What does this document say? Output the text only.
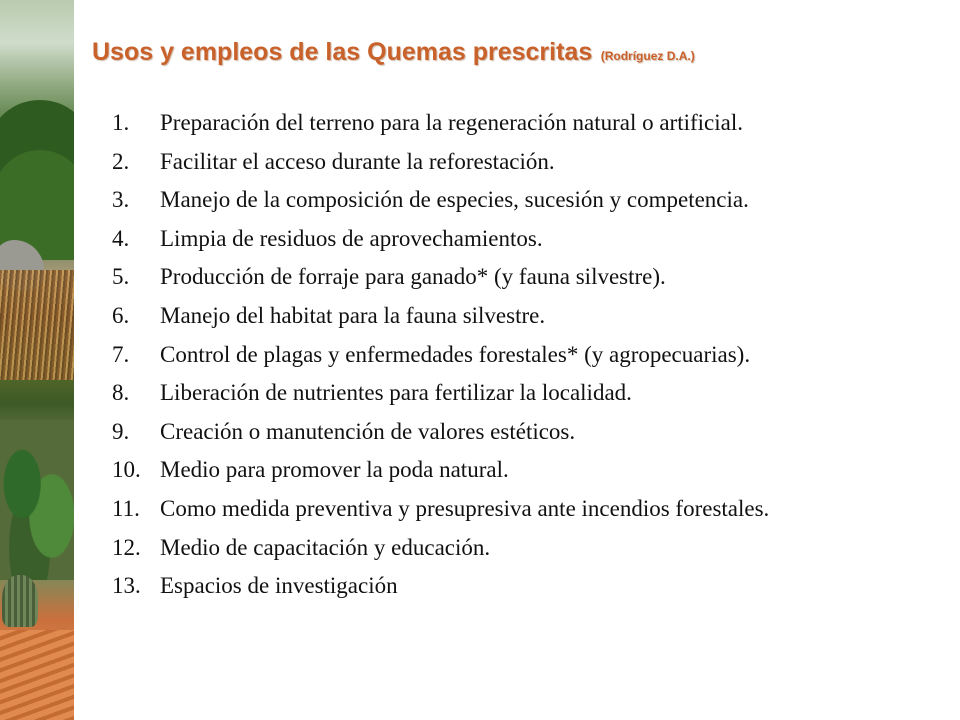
Usos y empleos de las Quemas prescritas (Rodríguez D.A.)
1. Preparación del terreno para la regeneración natural o artificial.
2. Facilitar el acceso durante la reforestación.
3. Manejo de la composición de especies, sucesión y competencia.
4. Limpia de residuos de aprovechamientos.
5. Producción de forraje para ganado* (y fauna silvestre).
6. Manejo del habitat para la fauna silvestre.
7. Control de plagas y enfermedades forestales* (y agropecuarias).
8. Liberación de nutrientes para fertilizar la localidad.
9. Creación o manutención de valores estéticos.
10. Medio para promover la poda natural.
11. Como medida preventiva y presupresiva ante incendios forestales.
12. Medio de capacitación y educación.
13. Espacios de investigación
